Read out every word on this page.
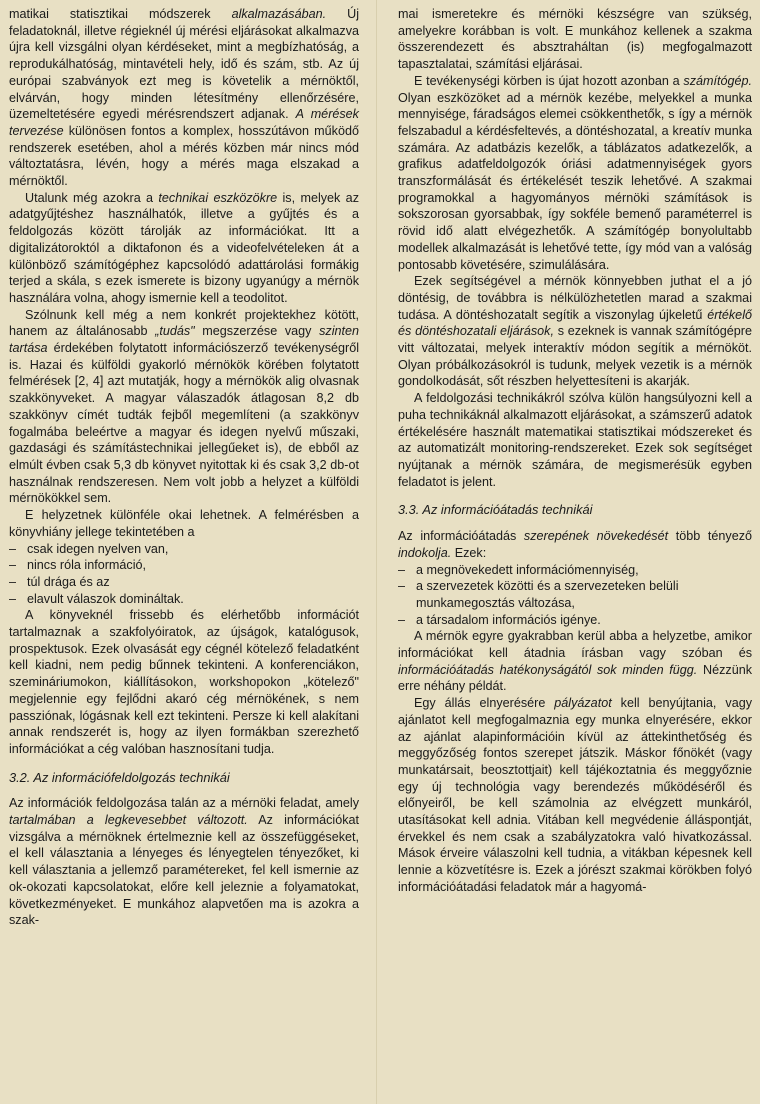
matikai statisztikai módszerek alkalmazásában. Új feladatoknál, illetve régieknél új mérési eljárásokat alkalmazva újra kell vizsgálni olyan kérdéseket, mint a megbízhatóság, a reprodukálhatóság, mintavételi hely, idő és szám, stb. Az új európai szabványok ezt meg is követelik a mérnöktől, elvárván, hogy minden létesítmény ellenőrzésére, üzemeltetésére egyedi mérésrendszert adjanak. A mérések tervezése különösen fontos a komplex, hosszútávon működő rendszerek esetében, ahol a mérés közben már nincs mód változtatásra, lévén, hogy a mérés maga elszakad a mérnöktől.

Utalunk még azokra a technikai eszközökre is, melyek az adatgyűjtéshez használhatók, illetve a gyűjtés és a feldolgozás között tárolják az információkat. Itt a digitalizátoroktól a diktafonon és a videofelvételeken át a különböző számítógéphez kapcsolódó adattárolási formákig terjed a skála, s ezek ismerete is bizony ugyanúgy a mérnök használára volna, ahogy ismernie kell a teodolitot.

Szólnunk kell még a nem konkrét projektekhez kötött, hanem az általánosabb „tudás" megszerzése vagy szinten tartása érdekében folytatott információszerző tevékenységről is. Hazai és külföldi gyakorló mérnökök körében folytatott felmérések [2, 4] azt mutatják, hogy a mérnökök alig olvasnak szakkönyveket. A magyar válaszadók átlagosan 8,2 db szakkönyv címét tudták fejből megemlíteni (a szakkönyv fogalmába beleértve a magyar és idegen nyelvű műszaki, gazdasági és számítástechnikai jellegűeket is), de ebből az elmúlt évben csak 5,3 db könyvet nyitottak ki és csak 3,2 db-ot használnak rendszeresen. Nem volt jobb a helyzet a külföldi mérnökökkel sem.

E helyzetnek különféle okai lehetnek. A felmérésben a könyvhiány jellege tekintetében a

– csak idegen nyelven van,
– nincs róla információ,
– túl drága és az
– elavult válaszok domináltak.

A könyveknél frissebb és elérhetőbb információt tartalmaznak a szakfolyóiratok, az újságok, katalógusok, prospektusok. Ezek olvasását egy cégnél kötelező feladatként kell kiadni, nem pedig bűnnek tekinteni. A konferenciákon, szemináriumokon, kiállításokon, workshopokon „kötelező" megjelennie egy fejlődni akaró cég mérnökének, s nem passziónak, lógásnak kell ezt tekinteni. Persze ki kell alakítani annak rendszerét is, hogy az ilyen formákban szerezhető információkat a cég valóban hasznosítani tudja.

3.2. Az információfeldolgozás technikái

Az információk feldolgozása talán az a mérnöki feladat, amely tartalmában a legkevesebbet változott. Az információkat vizsgálva a mérnöknek értelmeznie kell az összefüggéseket, el kell választania a lényeges és lényegtelen tényezőket, ki kell választania a jellemző paramétereket, fel kell ismernie az ok-okozati kapcsolatokat, előre kell jeleznie a folyamatokat, következményeket. E munkához alapvetően ma is azokra a szak-

mai ismeretekre és mérnöki készségre van szükség, amelyekre korábban is volt. E munkához kellenek a szakma összerendezett és absztraháltan (is) megfogalmazott tapasztalatai, számítási eljárásai.

E tevékenységi körben is újat hozott azonban a számítógép. Olyan eszközöket ad a mérnök kezébe, melyekkel a munka mennyisége, fáradságos elemei csökkenthetők, s így a mérnök felszabadul a kérdésfeltevés, a döntéshozatal, a kreatív munka számára. Az adatbázis kezelők, a táblázatos adatkezelők, a grafikus adatfeldolgozók óriási adatmennyiségek gyors transzformálását és értékelését teszik lehetővé. A szakmai programokkal a hagyományos mérnöki számítások is sokszorosan gyorsabbak, így sokféle bemenő paraméterrel is rövid idő alatt elvégezhetők. A számítógép bonyolultabb modellek alkalmazását is lehetővé tette, így mód van a valóság pontosabb követésére, szimulálására.

Ezek segítségével a mérnök könnyebben juthat el a jó döntésig, de továbbra is nélkülözhetetlen marad a szakmai tudása. A döntéshozatalt segítik a viszonylag újkeletű értékelő és döntéshozatali eljárások, s ezeknek is vannak számítógépre vitt változatai, melyek interaktív módon segítik a mérnököt. Olyan próbálkozásokról is tudunk, melyek vezetik is a mérnök gondolkodását, sőt részben helyettesíteni is akarják.

A feldolgozási technikákról szólva külön hangsúlyozni kell a puha technikáknál alkalmazott eljárásokat, a számszerű adatok értékelésére használt matematikai statisztikai módszereket és az automatizált monitoring-rendszereket. Ezek sok segítséget nyújtanak a mérnök számára, de megismerésük egyben feladatot is jelent.

3.3. Az információátadás technikái

Az információátadás szerepének növekedését több tényező indokolja. Ezek:

– a megnövekedett információmennyiség,
– a szervezetek közötti és a szervezeteken belüli munkamegosztás változása,
– a társadalom információs igénye.

A mérnök egyre gyakrabban kerül abba a helyzetbe, amikor információkat kell átadnia írásban vagy szóban és információátadás hatékonyságától sok minden függ. Nézzünk erre néhány példát.

Egy állás elnyerésére pályázatot kell benyújtania, vagy ajánlatot kell megfogalmaznia egy munka elnyerésére, ekkor az ajánlat alapinformációin kívül az áttekinthetőség és meggyőzőség fontos szerepet játszik. Máskor főnökét (vagy munkatársait, beosztottjait) kell tájékoztatnia és meggyőznie egy új technológia vagy berendezés működéséről és előnyeiről, be kell számolnia az elvégzett munkáról, utasításokat kell adnia. Vitában kell megvédenie álláspontját, érvekkel és nem csak a szabályzatokra való hivatkozással. Mások érveire válaszolni kell tudnia, a vitákban képesnek kell lennie a közvetítésre is. Ezek a jórészt szakmai körökben folyó információátadási feladatok már a hagyomá-
